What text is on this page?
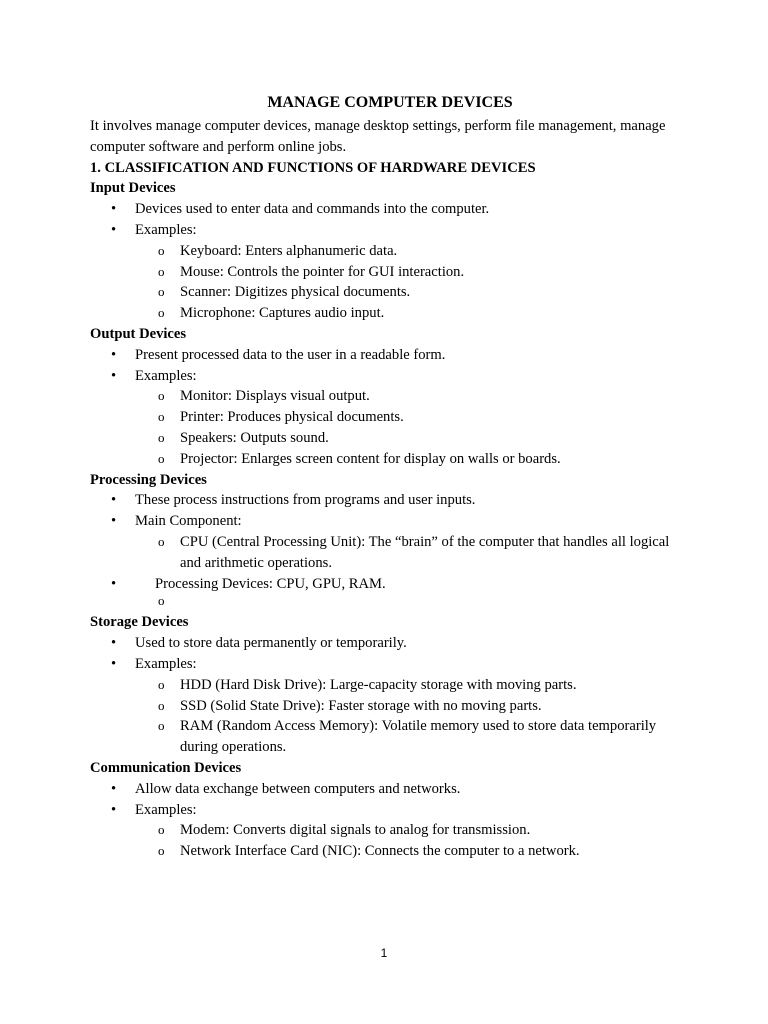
MANAGE COMPUTER DEVICES

It involves manage computer devices, manage desktop settings, perform file management, manage computer software and perform online jobs.

1. CLASSIFICATION AND FUNCTIONS OF HARDWARE DEVICES

Input Devices

• Devices used to enter data and commands into the computer.
• Examples:
o Keyboard: Enters alphanumeric data.
o Mouse: Controls the pointer for GUI interaction.
o Scanner: Digitizes physical documents.
o Microphone: Captures audio input.

Output Devices

• Present processed data to the user in a readable form.
• Examples:
o Monitor: Displays visual output.
o Printer: Produces physical documents.
o Speakers: Outputs sound.
o Projector: Enlarges screen content for display on walls or boards.

Processing Devices

• These process instructions from programs and user inputs.
• Main Component:
o CPU (Central Processing Unit): The “brain” of the computer that handles all logical and arithmetic operations.
•	Processing Devices: CPU, GPU, RAM.
o

Storage Devices

• Used to store data permanently or temporarily.
• Examples:
o HDD (Hard Disk Drive): Large-capacity storage with moving parts.
o SSD (Solid State Drive): Faster storage with no moving parts.
o RAM (Random Access Memory): Volatile memory used to store data temporarily during operations.

Communication Devices

• Allow data exchange between computers and networks.
• Examples:
o Modem: Converts digital signals to analog for transmission.
o Network Interface Card (NIC): Connects the computer to a network.
1
